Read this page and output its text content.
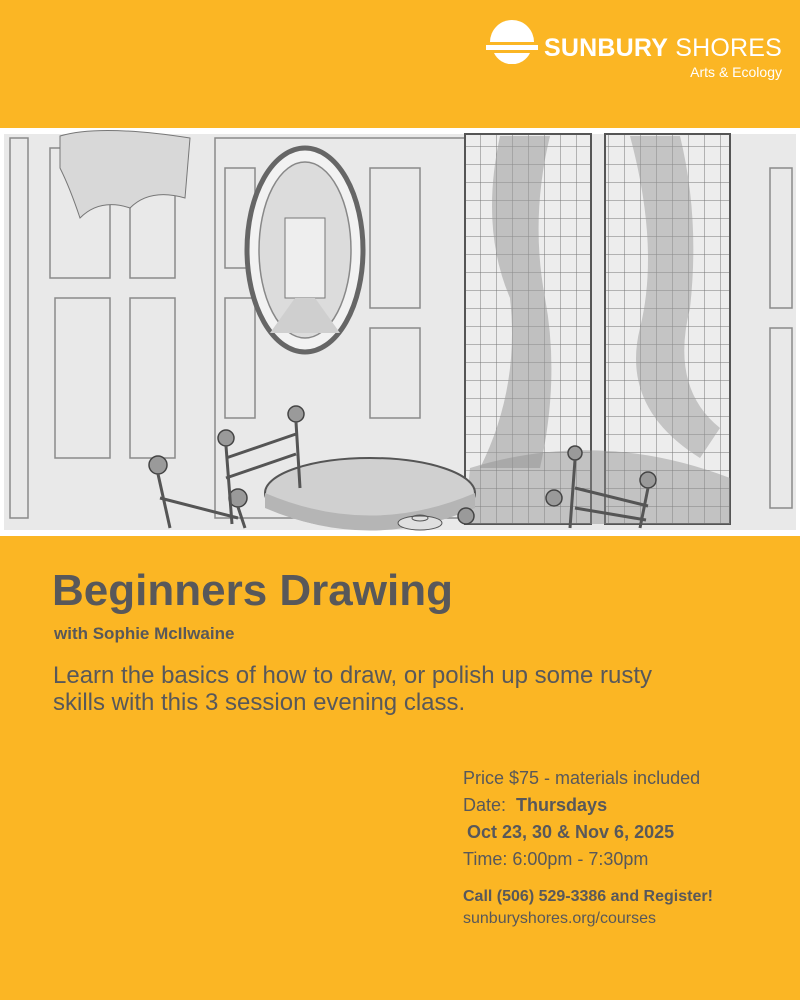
SUNBURY SHORES
Arts & Ecology
Beginners Drawing
with Sophie McIlwaine
Learn the basics of how to draw, or polish up some rusty skills with this 3 session evening class.
Price $75 - materials included
Date: Thursdays
Oct 23, 30 & Nov 6, 2025
Time: 6:00pm - 7:30pm
Call (506) 529-3386 and Register!
sunburyshores.org/courses
